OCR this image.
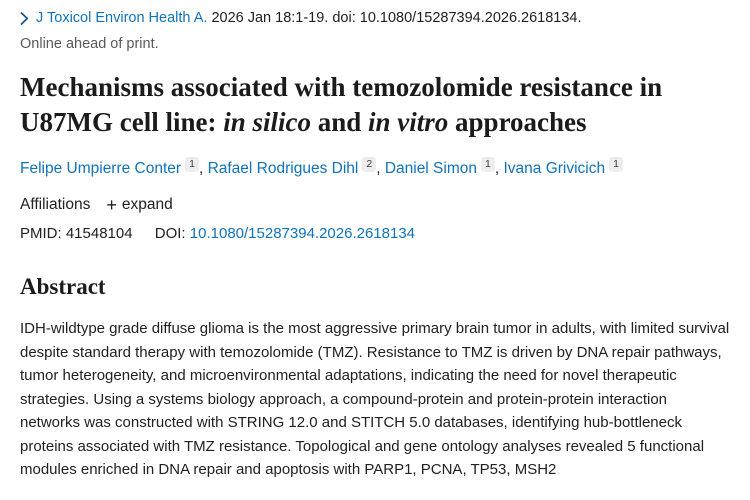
J Toxicol Environ Health A. 2026 Jan 18:1-19. doi: 10.1080/15287394.2026.2618134.
Online ahead of print.
Mechanisms associated with temozolomide resistance in U87MG cell line: in silico and in vitro approaches
Felipe Umpierre Conter 1 , Rafael Rodrigues Dihl 2 , Daniel Simon 1 , Ivana Grivicich 1
Affiliations + expand
PMID: 41548104 DOI: 10.1080/15287394.2026.2618134
Abstract

IDH-wildtype grade diffuse glioma is the most aggressive primary brain tumor in adults, with limited survival despite standard therapy with temozolomide (TMZ). Resistance to TMZ is driven by DNA repair pathways, tumor heterogeneity, and microenvironmental adaptations, indicating the need for novel therapeutic strategies. Using a systems biology approach, a compound-protein and protein-protein interaction networks was constructed with STRING 12.0 and STITCH 5.0 databases, identifying hub-bottleneck proteins associated with TMZ resistance. Topological and gene ontology analyses revealed 5 functional modules enriched in DNA repair and apoptosis with PARP1, PCNA, TP53, MSH2
